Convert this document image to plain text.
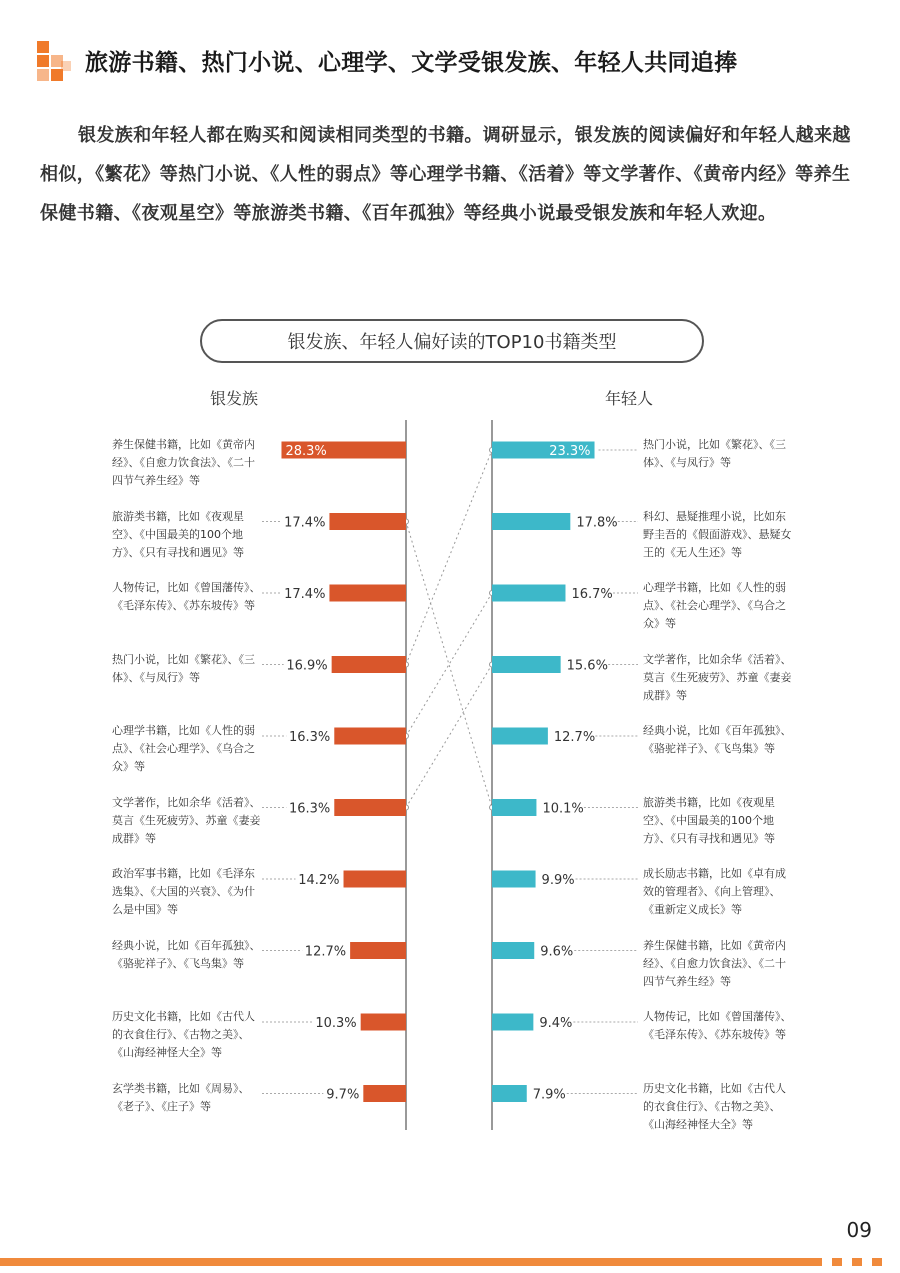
旅游书籍、热门小说、心理学、文学受银发族、年轻人共同追捧
银发族和年轻人都在购买和阅读相同类型的书籍。调研显示，银发族的阅读偏好和年轻人越来越相似，《繁花》等热门小说、《人性的弱点》等心理学书籍、《活着》等文学著作、《黄帝内经》等养生保健书籍、《夜观星空》等旅游类书籍、《百年孤独》等经典小说最受银发族和年轻人欢迎。
银发族、年轻人偏好读的TOP10书籍类型
银发族	年轻人
28.3%
17.4%
17.4%
16.9%
16.3%
16.3%
14.2%
12.7%
10.3%
9.7%
23.3%
17.8%
16.7%
15.6%
12.7%
10.1%
9.9%
9.6%
9.4%
7.9%
养生保健书籍，比如《黄帝内经》、《自愈力饮食法》、《二十四节气养生经》等
旅游类书籍，比如《夜观星空》、《中国最美的100个地方》、《只有寻找和遇见》等
人物传记，比如《曾国藩传》、《毛泽东传》、《苏东坡传》等
热门小说，比如《繁花》、《三体》、《与凤行》等
心理学书籍，比如《人性的弱点》、《社会心理学》、《乌合之众》等
文学著作，比如余华《活着》、莫言《生死疲劳》、苏童《妻妾成群》等
政治军事书籍，比如《毛泽东选集》、《大国的兴衰》、《为什么是中国》等
经典小说，比如《百年孤独》、《骆驼祥子》、《飞鸟集》等
历史文化书籍，比如《古代人的衣食住行》、《古物之美》、《山海经神怪大全》等
玄学类书籍，比如《周易》、《老子》、《庄子》等
热门小说，比如《繁花》、《三体》、《与凤行》等
科幻、悬疑推理小说，比如东野圭吾的《假面游戏》、悬疑女王的《无人生还》等
心理学书籍，比如《人性的弱点》、《社会心理学》、《乌合之众》等
文学著作，比如余华《活着》、莫言《生死疲劳》、苏童《妻妾成群》等
经典小说，比如《百年孤独》、《骆驼祥子》、《飞鸟集》等
旅游类书籍，比如《夜观星空》、《中国最美的100个地方》、《只有寻找和遇见》等
成长励志书籍，比如《卓有成效的管理者》、《向上管理》、《重新定义成长》等
养生保健书籍，比如《黄帝内经》、《自愈力饮食法》、《二十四节气养生经》等
人物传记，比如《曾国藩传》、《毛泽东传》、《苏东坡传》等
历史文化书籍，比如《古代人的衣食住行》、《古物之美》、《山海经神怪大全》等
09
